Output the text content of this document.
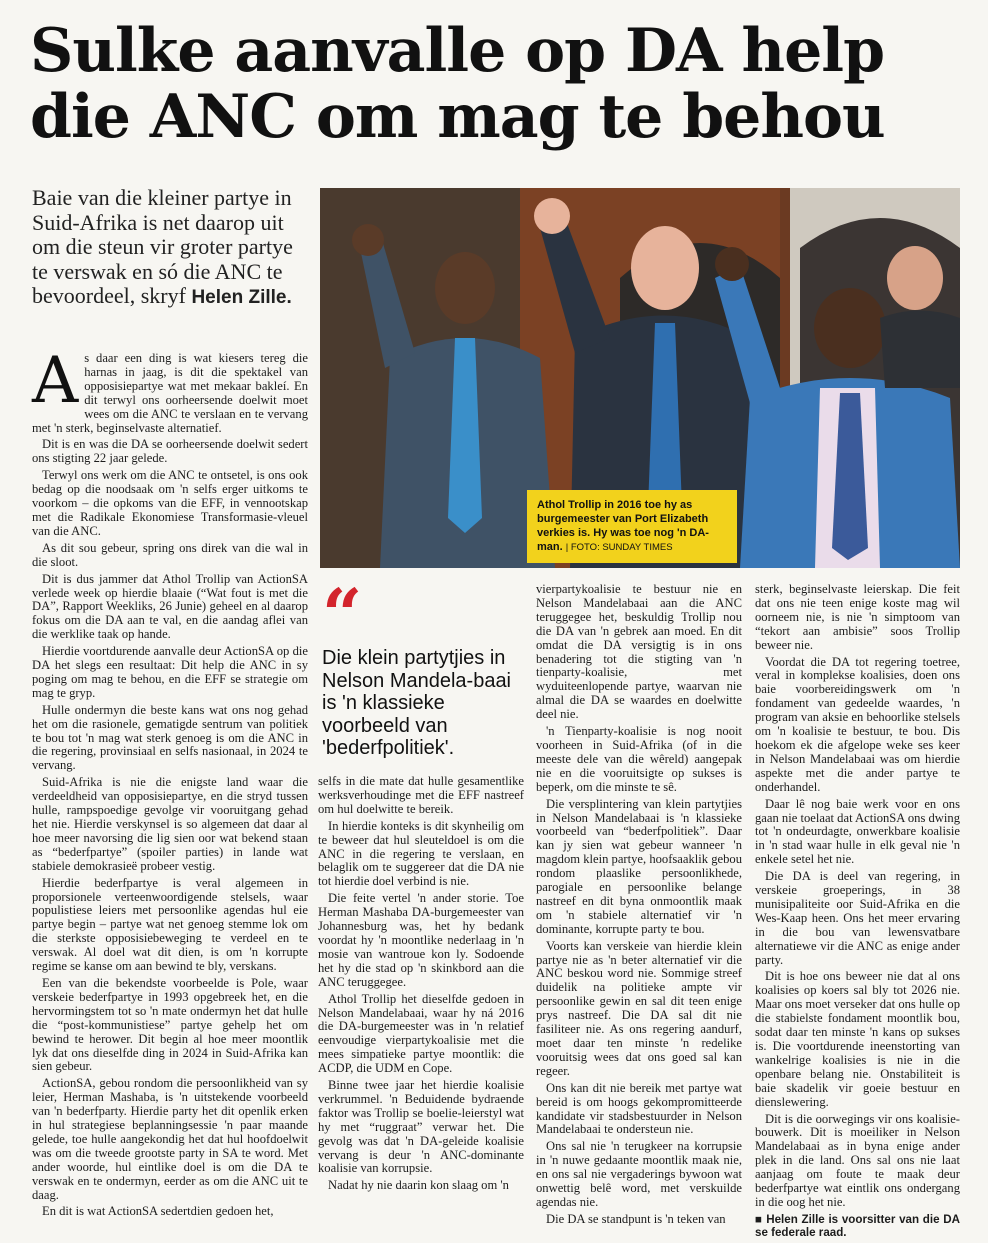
Sulke aanvalle op DA help
die ANC om mag te behou

Baie van die kleiner partye in Suid-Afrika is net daarop uit om die steun vir groter partye te verswak en só die ANC te bevoordeel, skryf Helen Zille.

Athol Trollip in 2016 toe hy as burgemeester van Port Elizabeth verkies is. Hy was toe nog 'n DA-man. | FOTO: SUNDAY TIMES

A s daar een ding is wat kiesers tereg die harnas in jaag, is dit die spektakel van opposisiepartye wat met mekaar bakleí. En dit terwyl ons oorheersende doelwit moet wees om die ANC te verslaan en te vervang met 'n sterk, beginselvaste alternatief.

Dit is en was die DA se oorheersende doelwit sedert ons stigting 22 jaar gelede.

Terwyl ons werk om die ANC te ontsetel, is ons ook bedag op die noodsaak om 'n selfs erger uitkoms te voorkom – die opkoms van die EFF, in vennootskap met die Radikale Ekonomiese Transformasie-vleuel van die ANC.

As dit sou gebeur, spring ons direk van die wal in die sloot.

Dit is dus jammer dat Athol Trollip van ActionSA verlede week op hierdie blaaie (“Wat fout is met die DA”, Rapport Weekliks, 26 Junie) geheel en al daarop fokus om die DA aan te val, en die aandag aflei van die werklike taak op hande.

Hierdie voortdurende aanvalle deur ActionSA op die DA het slegs een resultaat: Dit help die ANC in sy poging om mag te behou, en die EFF se strategie om mag te gryp.

Hulle ondermyn die beste kans wat ons nog gehad het om die rasionele, gematigde sentrum van politiek te bou tot 'n mag wat sterk genoeg is om die ANC in die regering, provinsiaal en selfs nasionaal, in 2024 te vervang.

Suid-Afrika is nie die enigste land waar die verdeeldheid van opposisiepartye, en die stryd tussen hulle, rampspoedige gevolge vir vooruitgang gehad het nie. Hierdie verskynsel is so algemeen dat daar al hoe meer navorsing die lig sien oor wat bekend staan as “bederfpartye” (spoiler parties) in lande wat stabiele demokrasieë probeer vestig.

Hierdie bederfpartye is veral algemeen in proporsionele verteenwoordigende stelsels, waar populistiese leiers met persoonlike agendas hul eie partye begin – partye wat net genoeg stemme lok om die sterkste opposisiebeweging te verdeel en te verswak. Al doel wat dit dien, is om 'n korrupte regime se kanse om aan bewind te bly, verskans.

Een van die bekendste voorbeelde is Pole, waar verskeie bederfpartye in 1993 opgebreek het, en die hervormingstem tot so 'n mate ondermyn het dat hulle die “post-kommunistiese” partye gehelp het om bewind te herower. Dit begin al hoe meer moontlik lyk dat ons dieselfde ding in 2024 in Suid-Afrika kan sien gebeur.

ActionSA, gebou rondom die persoonlikheid van sy leier, Herman Mashaba, is 'n uitstekende voorbeeld van 'n bederfparty. Hierdie party het dit openlik erken in hul strategiese beplanningsessie 'n paar maande gelede, toe hulle aangekondig het dat hul hoofdoelwit was om die tweede grootste party in SA te word. Met ander woorde, hul eintlike doel is om die DA te verswak en te ondermyn, eerder as om die ANC uit te daag.

En dit is wat ActionSA sedertdien gedoen het,

“
Die klein partytjies in Nelson Mandela-baai is 'n klassieke voorbeeld van 'bederfpolitiek'.

selfs in die mate dat hulle gesamentlike werksverhoudinge met die EFF nastreef om hul doelwitte te bereik.

In hierdie konteks is dit skynheilig om te beweer dat hul sleuteldoel is om die ANC in die regering te verslaan, en belaglik om te suggereer dat die DA nie tot hierdie doel verbind is nie.

Die feite vertel 'n ander storie. Toe Herman Mashaba DA-burgemeester van Johannesburg was, het hy bedank voordat hy 'n moontlike nederlaag in 'n mosie van wantroue kon ly. Sodoende het hy die stad op 'n skinkbord aan die ANC teruggegee.

Athol Trollip het dieselfde gedoen in Nelson Mandelabaai, waar hy ná 2016 die DA-burgemeester was in 'n relatief eenvoudige vierpartykoalisie met die mees simpatieke partye moontlik: die ACDP, die UDM en Cope.

Binne twee jaar het hierdie koalisie verkrummel. 'n Beduidende bydraende faktor was Trollip se boelie-leierstyl wat hy met “ruggraat” verwar het. Die gevolg was dat 'n DA-geleide koalisie vervang is deur 'n ANC-dominante koalisie van korrupsie.

Nadat hy nie daarin kon slaag om 'n

vierpartykoalisie te bestuur nie en Nelson Mandelabaai aan die ANC teruggegee het, beskuldig Trollip nou die DA van 'n gebrek aan moed. En dit omdat die DA versigtig is in ons benadering tot die stigting van 'n tienparty-koalisie, met wyduiteenlopende partye, waarvan nie almal die DA se waardes en doelwitte deel nie.

'n Tienparty-koalisie is nog nooit voorheen in Suid-Afrika (of in die meeste dele van die wêreld) aangepak nie en die vooruitsigte op sukses is beperk, om die minste te sê.

Die versplintering van klein partytjies in Nelson Mandelabaai is 'n klassieke voorbeeld van “bederfpolitiek”. Daar kan jy sien wat gebeur wanneer 'n magdom klein partye, hoofsaaklik gebou rondom plaaslike persoonlikhede, parogiale en persoonlike belange nastreef en dit byna onmoontlik maak om 'n stabiele alternatief vir 'n dominante, korrupte party te bou.

Voorts kan verskeie van hierdie klein partye nie as 'n beter alternatief vir die ANC beskou word nie. Sommige streef duidelik na politieke ampte vir persoonlike gewin en sal dit teen enige prys nastreef. Die DA sal dit nie fasiliteer nie. As ons regering aandurf, moet daar ten minste 'n redelike vooruitsig wees dat ons goed sal kan regeer.

Ons kan dit nie bereik met partye wat bereid is om hoogs gekompromitteerde kandidate vir stadsbestuurder in Nelson Mandelabaai te ondersteun nie.

Ons sal nie 'n terugkeer na korrupsie in 'n nuwe gedaante moontlik maak nie, en ons sal nie vergaderings bywoon wat onwettig belê word, met verskuilde agendas nie.

Die DA se standpunt is 'n teken van

sterk, beginselvaste leierskap. Die feit dat ons nie teen enige koste mag wil oorneem nie, is nie 'n simptoom van “tekort aan ambisie” soos Trollip beweer nie.

Voordat die DA tot regering toetree, veral in komplekse koalisies, doen ons baie voorbereidingswerk om 'n fondament van gedeelde waardes, 'n program van aksie en behoorlike stelsels om 'n koalisie te bestuur, te bou. Dis hoekom ek die afgelope weke ses keer in Nelson Mandelabaai was om hierdie aspekte met die ander partye te onderhandel.

Daar lê nog baie werk voor en ons gaan nie toelaat dat ActionSA ons dwing tot 'n ondeurdagte, onwerkbare koalisie in 'n stad waar hulle in elk geval nie 'n enkele setel het nie.

Die DA is deel van regering, in verskeie groeperings, in 38 munisipaliteite oor Suid-Afrika en die Wes-Kaap heen. Ons het meer ervaring in die bou van lewensvatbare alternatiewe vir die ANC as enige ander party.

Dit is hoe ons beweer nie dat al ons koalisies op koers sal bly tot 2026 nie. Maar ons moet verseker dat ons hulle op die stabielste fondament moontlik bou, sodat daar ten minste 'n kans op sukses is. Die voortdurende ineenstorting van wankelrige koalisies is nie in die openbare belang nie. Onstabiliteit is baie skadelik vir goeie bestuur en dienslewering.

Dit is die oorwegings vir ons koalisie-bouwerk. Dit is moeiliker in Nelson Mandelabaai as in byna enige ander plek in die land. Ons sal ons nie laat aanjaag om foute te maak deur bederfpartye wat eintlik ons ondergang in die oog het nie.

■ Helen Zille is voorsitter van die DA se federale raad.
